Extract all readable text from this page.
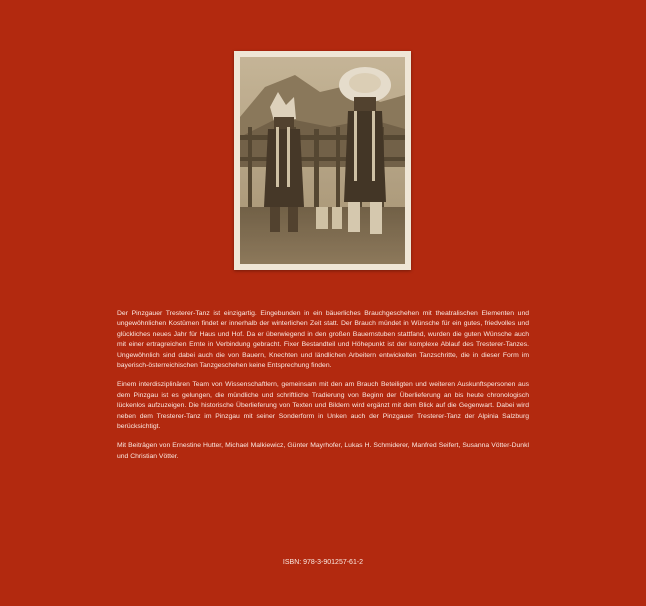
Der Pinzgauer Tresterer-Tanz ist einzigartig. Eingebunden in ein bäuerliches Brauchgeschehen mit theatralischen Elementen und ungewöhnlichen Kostümen findet er innerhalb der winterlichen Zeit statt. Der Brauch mündet in Wünsche für ein gutes, friedvolles und glückliches neues Jahr für Haus und Hof. Da er überwiegend in den großen Bauernstuben stattfand, wurden die guten Wünsche auch mit einer ertragreichen Ernte in Verbindung gebracht. Fixer Bestandteil und Höhepunkt ist der komplexe Ablauf des Tresterer-Tanzes. Ungewöhnlich sind dabei auch die von Bauern, Knechten und ländlichen Arbeitern entwickelten Tanzschritte, die in dieser Form im bayerisch-österreichischen Tanzgeschehen keine Entsprechung finden.

Einem interdisziplinären Team von Wissenschaftlern, gemeinsam mit den am Brauch Beteiligten und weiteren Auskunftspersonen aus dem Pinzgau ist es gelungen, die mündliche und schriftliche Tradierung von Beginn der Überlieferung an bis heute chronologisch lückenlos aufzuzeigen. Die historische Überlieferung von Texten und Bildern wird ergänzt mit dem Blick auf die Gegenwart. Dabei wird neben dem Tresterer-Tanz im Pinzgau mit seiner Sonderform in Unken auch der Pinzgauer Tresterer-Tanz der Alpinia Salzburg berücksichtigt.

Mit Beiträgen von Ernestine Hutter, Michael Malkiewicz, Günter Mayrhofer, Lukas H. Schmiderer, Manfred Seifert, Susanna Vötter-Dunkl und Christian Vötter.

ISBN: 978-3-901257-61-2
